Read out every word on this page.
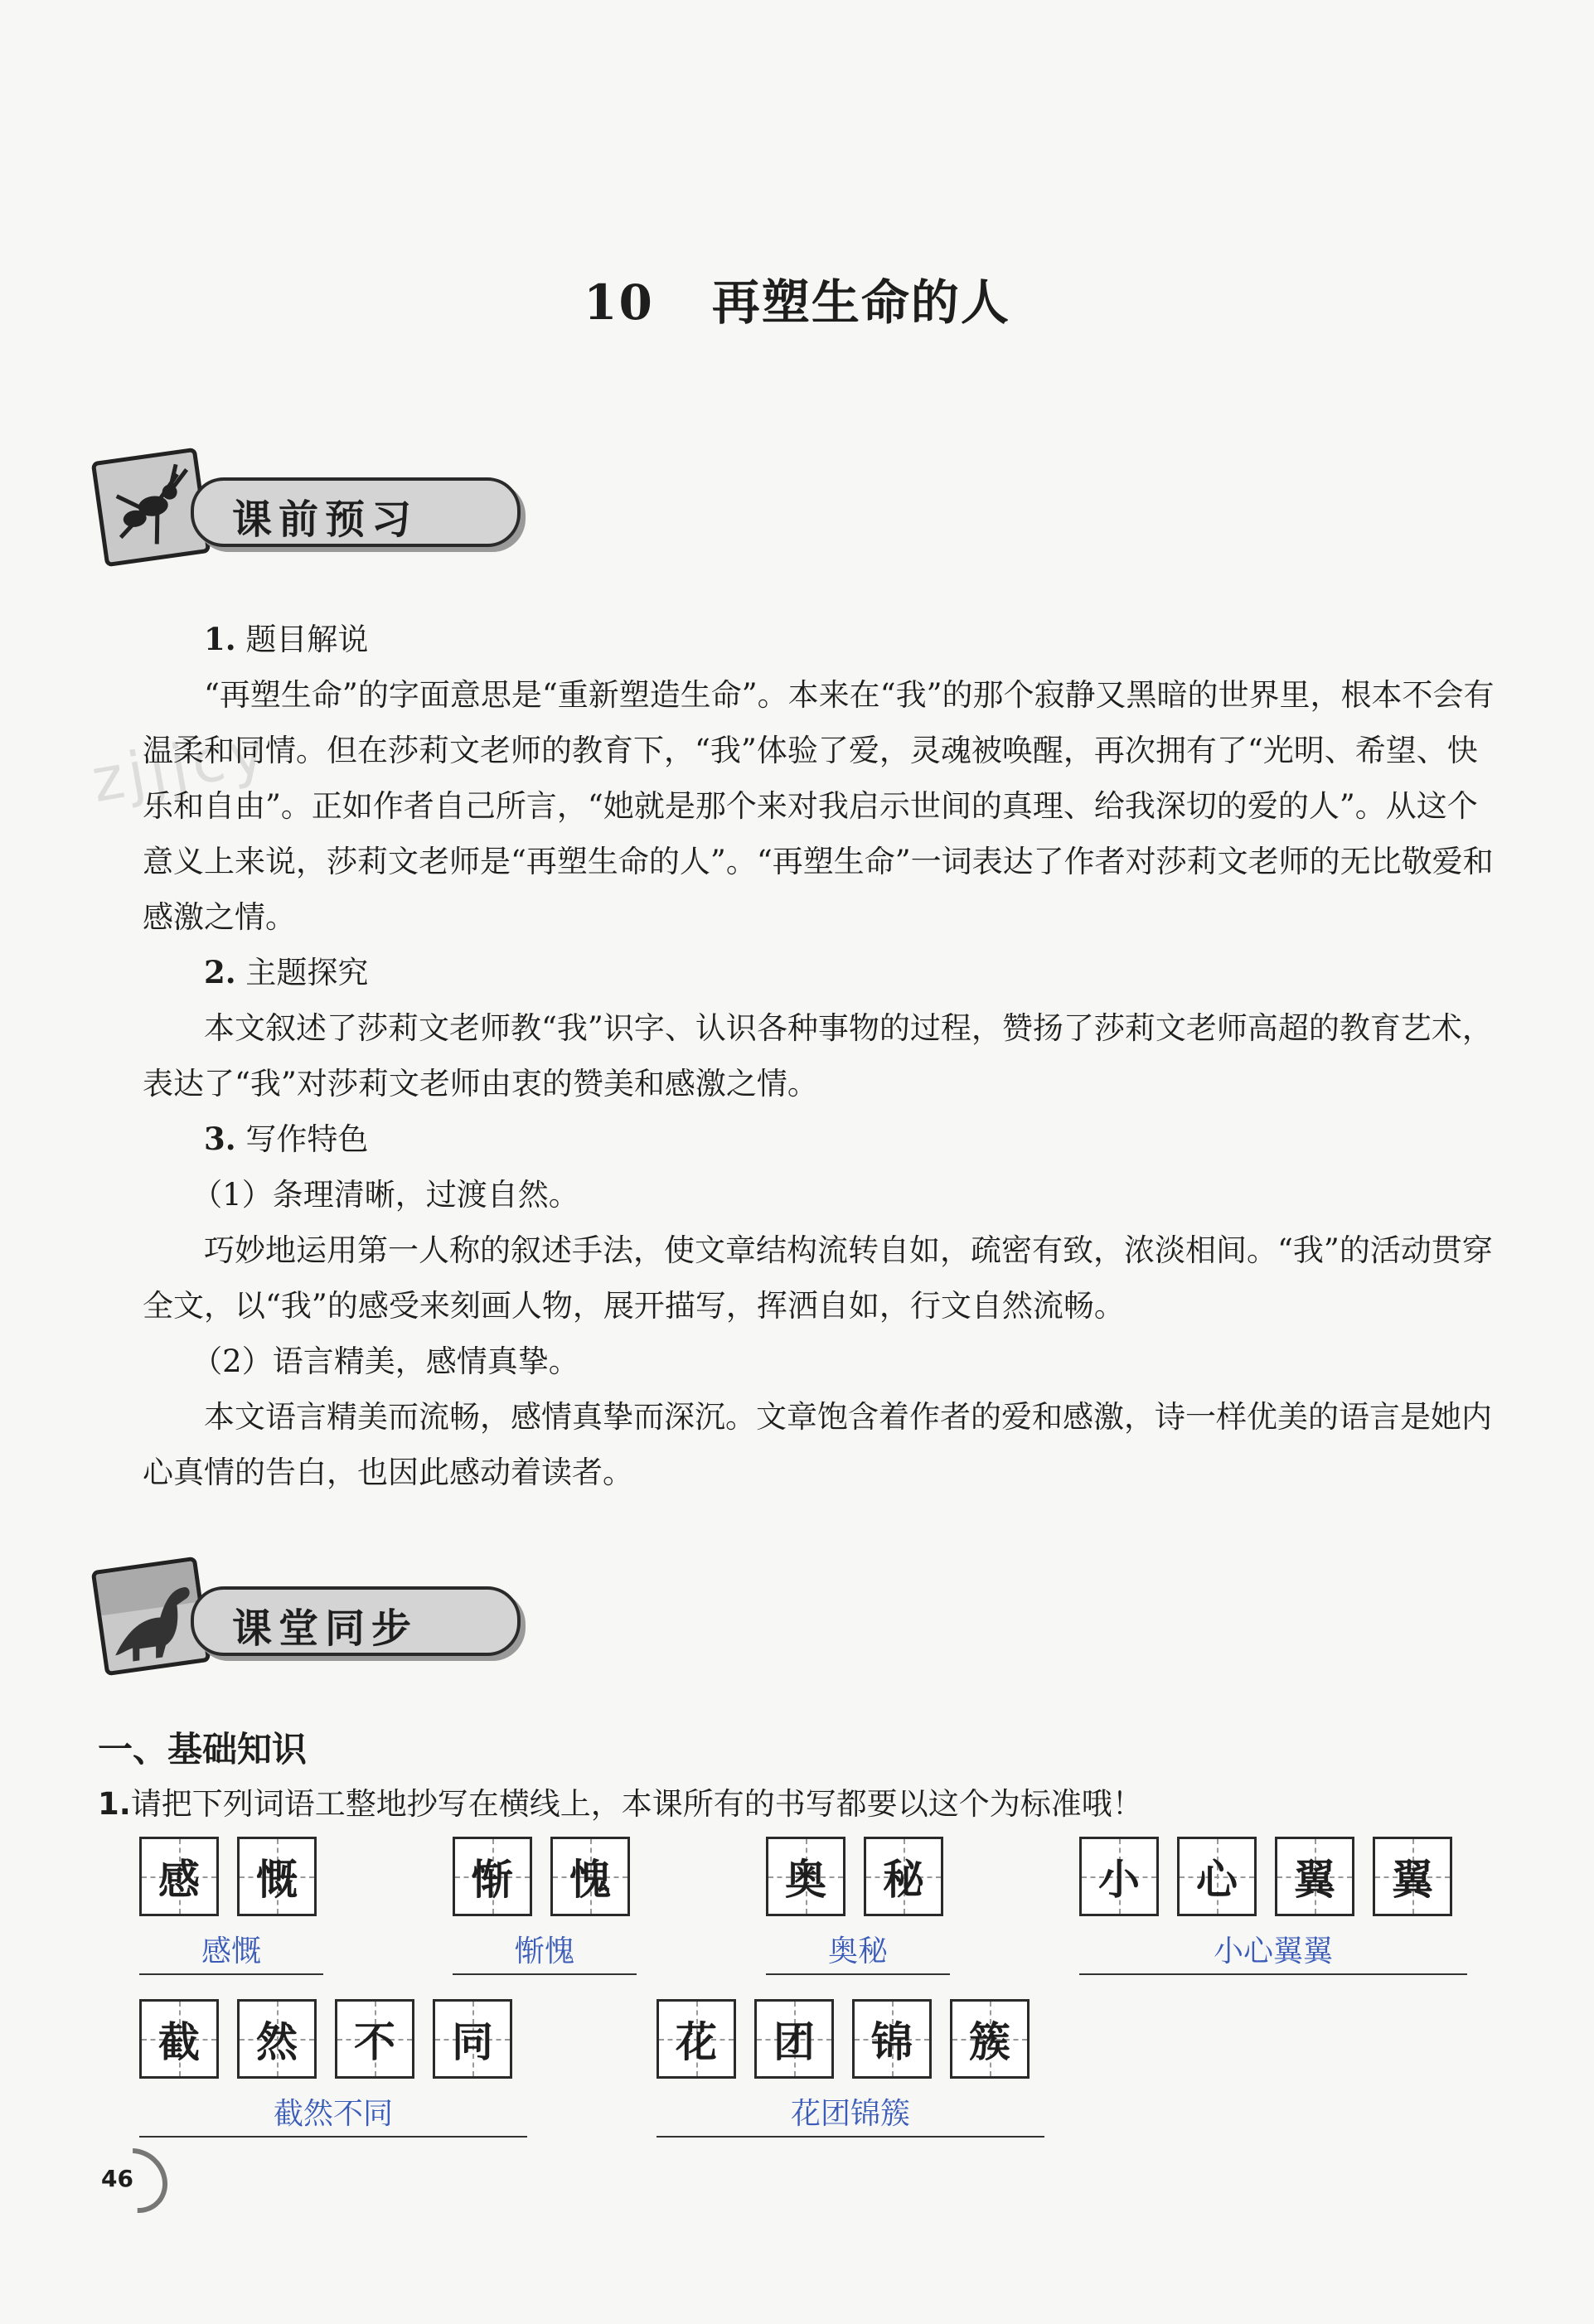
10 再塑生命的人
课前预习
zjjjcy

1. 题目解说

“再塑生命”的字面意思是“重新塑造生命”。本来在“我”的那个寂静又黑暗的世界里，根本不会有温柔和同情。但在莎莉文老师的教育下，“我”体验了爱，灵魂被唤醒，再次拥有了“光明、希望、快乐和自由”。正如作者自己所言，“她就是那个来对我启示世间的真理、给我深切的爱的人”。从这个意义上来说，莎莉文老师是“再塑生命的人”。“再塑生命”一词表达了作者对莎莉文老师的无比敬爱和感激之情。

2. 主题探究

本文叙述了莎莉文老师教“我”识字、认识各种事物的过程，赞扬了莎莉文老师高超的教育艺术，表达了“我”对莎莉文老师由衷的赞美和感激之情。

3. 写作特色

（1）条理清晰，过渡自然。

巧妙地运用第一人称的叙述手法，使文章结构流转自如，疏密有致，浓淡相间。“我”的活动贯穿全文，以“我”的感受来刻画人物，展开描写，挥洒自如，行文自然流畅。

（2）语言精美，感情真挚。

本文语言精美而流畅，感情真挚而深沉。文章饱含着作者的爱和感激，诗一样优美的语言是她内心真情的告白，也因此感动着读者。

课堂同步
一、基础知识
1.请把下列词语工整地抄写在横线上，本课所有的书写都要以这个为标准哦！
感	慨
感慨
惭	愧
惭愧
奥	秘
奥秘
小	心	翼	翼
小心翼翼
截	然	不	同
截然不同
花	团	锦	簇
花团锦簇
46
